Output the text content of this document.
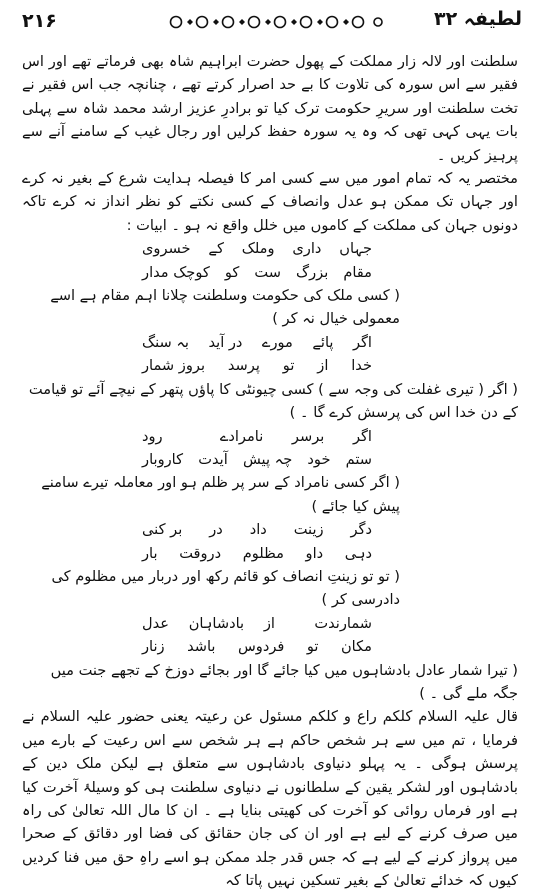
۲۱۶	لطیفہ ۳۲

سلطنت اور لالہ زار مملکت کے پھول حضرت ابراہیم شاہ بھی فرماتے تھے اور اس فقیر سے اس سورہ کی تلاوت کا بے حد اصرار کرتے تھے ، چنانچہ جب اس فقیر نے تخت سلطنت اور سریرِ حکومت ترک کیا تو برادرِ عزیز ارشد محمد شاہ سے پہلی بات یہی کہی تھی کہ وہ یہ سورہ حفظ کرلیں اور رجال غیب کے سامنے آنے سے پرہیز کریں ۔

مختصر یہ کہ تمام امور میں سے کسی امر کا فیصلہ ہدایت شرع کے بغیر نہ کرے اور جہاں تک ممکن ہو عدل وانصاف کے کسی نکتے کو نظر انداز نہ کرے تاکہ دونوں جہان کی مملکت کے کاموں میں خلل واقع نہ ہو ۔ ابیات :

جہاں
داری
وملک
کے
خسروی
مقام
بزرگ
ست
کو
کوچک مدار

( کسی ملک کی حکومت وسلطنت چلانا اہم مقام ہے اسے معمولی خیال نہ کر )

اگر
پائے
مورے
در آید
بہ سنگ
خدا
از
تو
پرسد
بروز شمار

( اگر ( تیری غفلت کی وجہ سے ) کسی چیونٹی کا پاؤں پتھر کے نیچے آئے تو قیامت کے دن خدا اس کی پرسش کرے گا ۔ )

اگر
برسر
نامرادے
رود
ستم
خود
چہ پیش
آیدت
کاروبار

( اگر کسی نامراد کے سر پر ظلم ہو اور معاملہ تیرے سامنے پیش کیا جائے )

دگر
زینت
داد
در
بر کنی
دہی
داو
مظلوم
دروقت
بار

( تو تو زینتِ انصاف کو قائم رکھ اور دربار میں مظلوم کی دادرسی کر )

شمارندت
از
بادشاہان
عدل
مکان
تو
فردوس
باشد
زنار

( تیرا شمار عادل بادشاہوں میں کیا جائے گا اور بجائے دوزخ کے تجھے جنت میں جگہ ملے گی ۔ )

قال علیہ السلام کلکم راع و کلکم مسئول عن رعیتہ یعنی حضور علیہ السلام نے فرمایا ، تم میں سے ہر شخص حاکم ہے ہر شخص سے اس رعیت کے بارے میں پرسش ہوگی ۔ یہ پہلو دنیاوی بادشاہوں سے متعلق ہے لیکن ملک دین کے بادشاہوں اور لشکر یقین کے سلطانوں نے دنیاوی سلطنت ہی کو وسیلۂ آخرت کیا ہے اور فرماں روائی کو آخرت کی کھیتی بنایا ہے ۔ ان کا مال اللہ تعالیٰ کی راہ میں صرف کرنے کے لیے ہے اور ان کی جان حقائق کی فضا اور دقائق کے صحرا میں پرواز کرنے کے لیے ہے کہ جس قدر جلد ممکن ہو اسے راہِ حق میں فنا کردیں کیوں کہ خدائے تعالیٰ کے بغیر تسکین نہیں پاتا کہ
